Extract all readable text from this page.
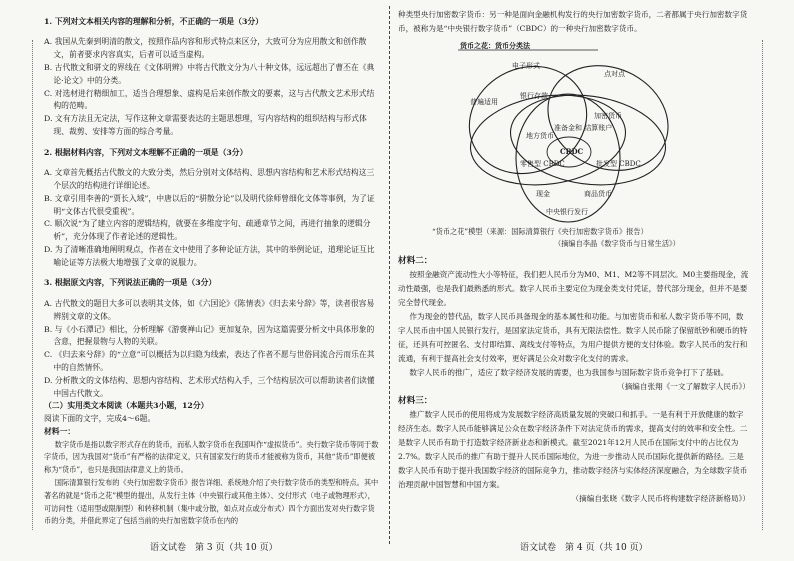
1. 下列对文本相关内容的理解和分析，不正确的一项是（3分）

A. 我国从先秦到明清的散文，按照作品内容和形式特点来区分，大致可分为应用散文和创作散文，前者要求内容真实，后者可以适当虚构。

B. 古代散文和骈文的界线在《文体明辨》中将古代散文分为八十种文体，远远超出了曹丕在《典论·论文》中的分类。

C. 对选材进行精细加工，适当合理想象、虚构是后来创作散文的要素，这与古代散文艺术形式结构的范畴。

D. 文有方法且无定法，写作这种文章需要表达的主题思想理，写内容结构的组织结构与形式体现、裁剪、安排等方面的综合考量。

2. 根据材料内容，下列对文本理解不正确的一项是（3分）

A. 文章首先概括古代散文的大致分类，然后分别对文体结构、思想内容结构和艺术形式结构这三个层次的结构进行详细论述。

B. 文章引用李善的“贾长入域”，中唐以后的“骈散分论”以及明代徐师曾细化文体等事例，为了证明“文体古代很受重视”。

C. 顺次说“为了建立内容的逻辑结构，就要在多维度字句、疏通章节之间，再进行抽象的逻辑分析”，充分体现了作者论述的逻辑性。

D. 为了清晰准确地阐明观点，作者在文中使用了多种论证方法，其中的举例论证，道理论证互比喻论证等方法极大地增强了文章的说服力。

3. 根据原文内容，下列说法正确的一项是（3分）

A. 古代散文的题目大多可以表明其文体，如《六国论》《陈情表》《归去来兮辞》等，读者很容易辨别文章的文体。

B. 与《小石潭记》相比，分析理解《游褒禅山记》更加复杂，因为这篇需要分析文中具体形象的含意，把握景物与人物的关联。

C. 《归去来兮辞》的“立意”可以概括为以归隐为线索，表达了作者不愿与世俗同流合污而乐在其中的自然情怀。

D. 分析散文的文体结构、思想内容结构、艺术形式结构入手，三个结构层次可以帮助读者们读懂中国古代散文。

（二）实用类文本阅读（本题共3小题，12分）

阅读下面的文字，完成4～6题。

材料一：

数字货币是指以数字形式存在的货币，而私人数字货币在我国叫作“虚拟货币”。央行数字货币等同于数字货币，因为我国对“货币”有严格的法律定义，只有国家发行的货币才能被称为货币，其他“货币”即便被称为“货币”，也只是我国法律意义上的货币。

国际清算银行发布的《央行加密数字货币》报告详细、系统地介绍了央行数字货币的类型和特点。其中著名的就是“货币之花”模型的提出，从发行主体（中央银行或其他主体）、交付形式（电子或物理形式），可访问性（适用型或限制型）和转移机制（集中或分散，如点对点或分布式）四个方面出发对央行数字货币的分类，并借此界定了包括当前的央行加密数字货币在内的

语文试卷　第 3 页（共 10 页）

种类型央行加密数字货币：另一种是面向金融机构发行的央行加密数字货币，二者都属于央行加密数字货币，被称为是“中央银行数字货币”（CBDC）的一种央行加密数字货币。

货币之花：货币分类法
电子形式
普遍适用
银行存款
点对点
地方货币
加密货币
准备金和 结算账户
CBDC
零售型 CBDC	批发型 CBDC
现金	商品货币
中央银行发行
“货币之花”模型（来源：国际清算银行《央行加密数字货币》报告）
（摘编自李晶《数字货币与日常生活》）

材料二：

按照金融资产流动性大小等特征，我们把人民币分为M0、M1、M2等不同层次。M0主要指现金，流动性最强，也是我们最熟悉的形式。数字人民币主要定位为现金类支付凭证，替代部分现金，但并不是要完全替代现金。

作为现金的替代品，数字人民币具备现金的基本属性和功能。与加密货币和私人数字货币等不同，数字人民币由中国人民银行发行，是国家法定货币，具有无限法偿性。数字人民币除了保留纸钞和硬币的特征，还具有可控匿名、支付即结算、离线支付等特点，为用户提供方便的支付体验。数字人民币的发行和流通，有利于提高社会支付效率，更好满足公众对数字化支付的需求。

数字人民币的推广，适应了数字经济发展的需要，也为我国参与国际数字货币竞争打下了基础。

（摘编自张翔《一文了解数字人民币》）

材料三：

推广数字人民币的使用将成为发展数字经济高质量发展的突破口和抓手。一是有利于开放健康的数字经济生态。数字人民币能够满足公众在数字经济条件下对法定货币的需求，提高支付的效率和安全性。二是数字人民币有助于打造数字经济新业态和新模式。截至2021年12月人民币在国际支付中的占比仅为2.7%。数字人民币的推广有助于提升人民币国际地位，为进一步推动人民币国际化提供新的路径。三是数字人民币有助于提升我国数字经济的国际竞争力，推动数字经济与实体经济深度融合，为全球数字货币治理贡献中国智慧和中国方案。

（摘编自张晓《数字人民币将构建数字经济新格局》）

语文试卷　第 4 页（共 10 页）
